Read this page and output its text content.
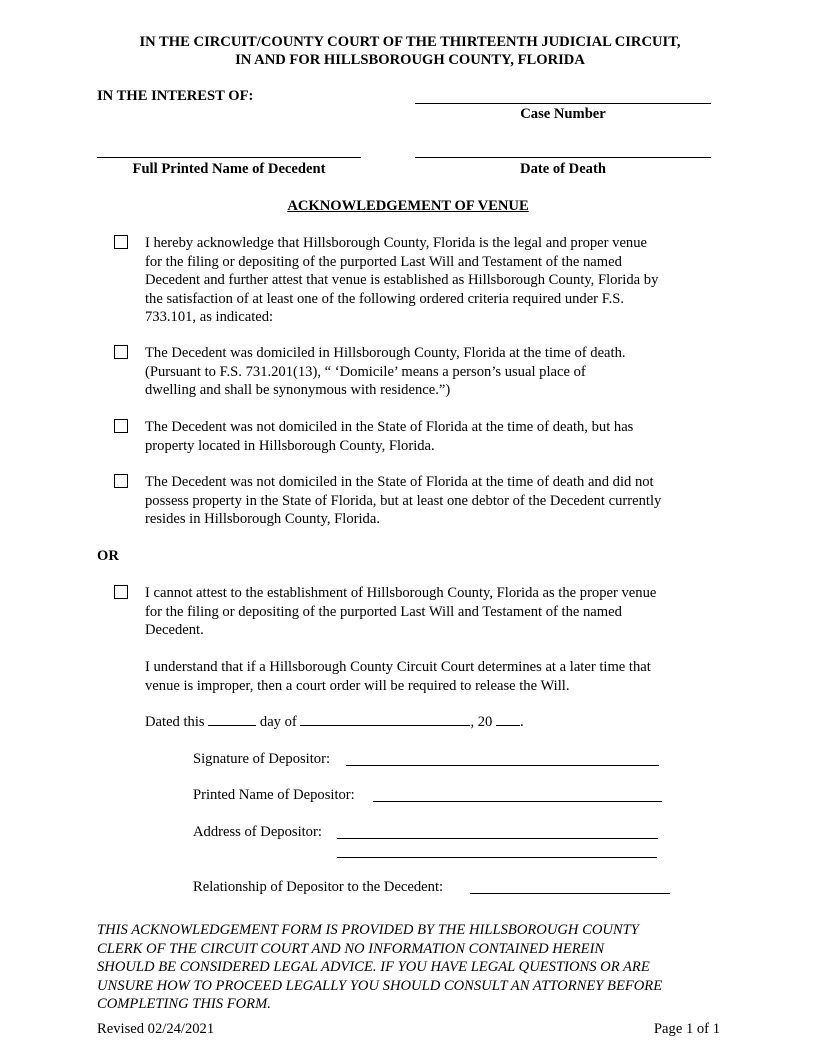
IN THE CIRCUIT/COUNTY COURT OF THE THIRTEENTH JUDICIAL CIRCUIT,
IN AND FOR HILLSBOROUGH COUNTY, FLORIDA
IN THE INTEREST OF:
Case Number
Full Printed Name of Decedent	Date of Death
ACKNOWLEDGEMENT OF VENUE
I hereby acknowledge that Hillsborough County, Florida is the legal and proper venue
for the filing or depositing of the purported Last Will and Testament of the named
Decedent and further attest that venue is established as Hillsborough County, Florida by
the satisfaction of at least one of the following ordered criteria required under F.S.
733.101, as indicated:
The Decedent was domiciled in Hillsborough County, Florida at the time of death.
(Pursuant to F.S. 731.201(13), “ ‘Domicile’ means a person’s usual place of
dwelling and shall be synonymous with residence.”)
The Decedent was not domiciled in the State of Florida at the time of death, but has
property located in Hillsborough County, Florida.
The Decedent was not domiciled in the State of Florida at the time of death and did not
possess property in the State of Florida, but at least one debtor of the Decedent currently
resides in Hillsborough County, Florida.
OR
I cannot attest to the establishment of Hillsborough County, Florida as the proper venue
for the filing or depositing of the purported Last Will and Testament of the named
Decedent.
I understand that if a Hillsborough County Circuit Court determines at a later time that
venue is improper, then a court order will be required to release the Will.
Dated this	day of	, 20 .
Signature of Depositor:
Printed Name of Depositor:
Address of Depositor:
Relationship of Depositor to the Decedent:
THIS ACKNOWLEDGEMENT FORM IS PROVIDED BY THE HILLSBOROUGH COUNTY
CLERK OF THE CIRCUIT COURT AND NO INFORMATION CONTAINED HEREIN
SHOULD BE CONSIDERED LEGAL ADVICE. IF YOU HAVE LEGAL QUESTIONS OR ARE
UNSURE HOW TO PROCEED LEGALLY YOU SHOULD CONSULT AN ATTORNEY BEFORE
COMPLETING THIS FORM.
Revised 02/24/2021	Page 1 of 1
